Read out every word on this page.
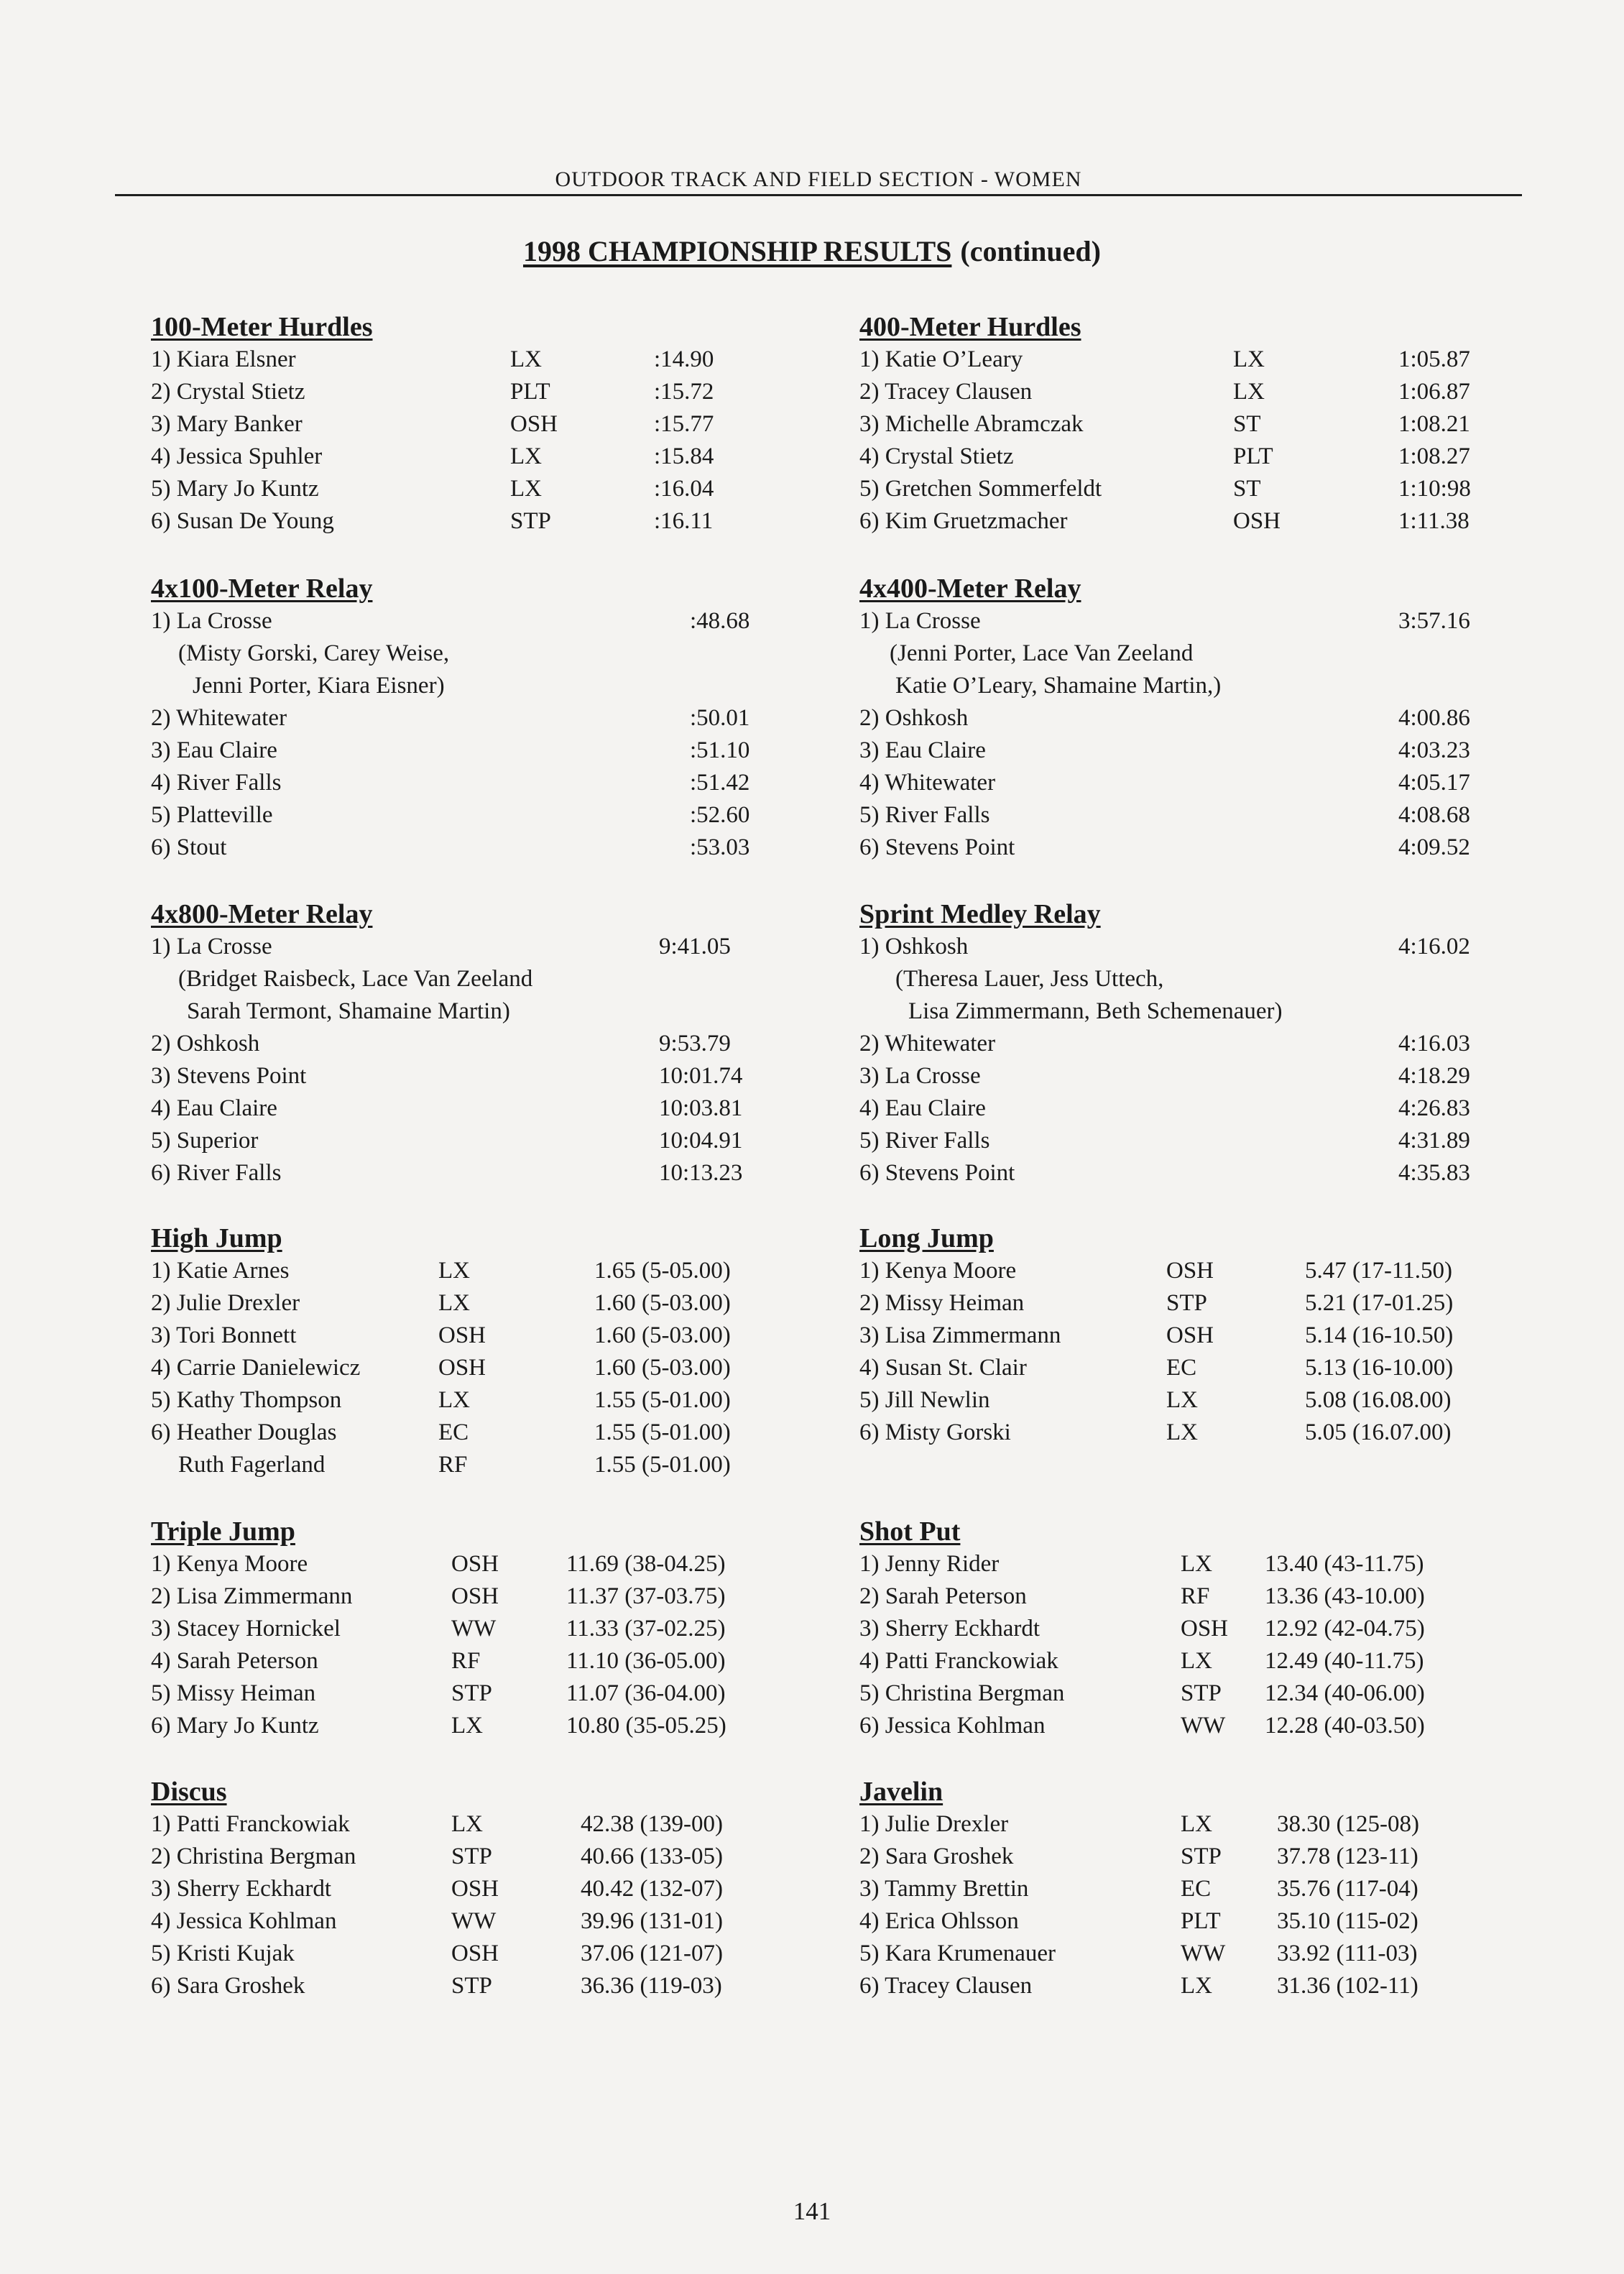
OUTDOOR TRACK AND FIELD SECTION - WOMEN
1998 CHAMPIONSHIP RESULTS (continued)
100-Meter Hurdles
1) Kiara Elsner	LX	:14.90
2) Crystal Stietz	PLT	:15.72
3) Mary Banker	OSH	:15.77
4) Jessica Spuhler	LX	:15.84
5) Mary Jo Kuntz	LX	:16.04
6) Susan De Young	STP	:16.11
400-Meter Hurdles
1) Katie O’Leary	LX	1:05.87
2) Tracey Clausen	LX	1:06.87
3) Michelle Abramczak	ST	1:08.21
4) Crystal Stietz	PLT	1:08.27
5) Gretchen Sommerfeldt	ST	1:10:98
6) Kim Gruetzmacher	OSH	1:11.38
4x100-Meter Relay
1) La Crosse	:48.68
(Misty Gorski, Carey Weise,
Jenni Porter, Kiara Eisner)
2) Whitewater	:50.01
3) Eau Claire	:51.10
4) River Falls	:51.42
5) Platteville	:52.60
6) Stout	:53.03
4x400-Meter Relay
1) La Crosse	3:57.16
(Jenni Porter, Lace Van Zeeland
Katie O’Leary, Shamaine Martin,)
2) Oshkosh	4:00.86
3) Eau Claire	4:03.23
4) Whitewater	4:05.17
5) River Falls	4:08.68
6) Stevens Point	4:09.52
4x800-Meter Relay
1) La Crosse	9:41.05
(Bridget Raisbeck, Lace Van Zeeland
Sarah Termont, Shamaine Martin)
2) Oshkosh	9:53.79
3) Stevens Point	10:01.74
4) Eau Claire	10:03.81
5) Superior	10:04.91
6) River Falls	10:13.23
Sprint Medley Relay
1) Oshkosh	4:16.02
(Theresa Lauer, Jess Uttech,
Lisa Zimmermann, Beth Schemenauer)
2) Whitewater	4:16.03
3) La Crosse	4:18.29
4) Eau Claire	4:26.83
5) River Falls	4:31.89
6) Stevens Point	4:35.83
High Jump
1) Katie Arnes	LX	1.65 (5-05.00)
2) Julie Drexler	LX	1.60 (5-03.00)
3) Tori Bonnett	OSH	1.60 (5-03.00)
4) Carrie Danielewicz	OSH	1.60 (5-03.00)
5) Kathy Thompson	LX	1.55 (5-01.00)
6) Heather Douglas	EC	1.55 (5-01.00)
Ruth Fagerland	RF	1.55 (5-01.00)
Long Jump
1) Kenya Moore	OSH	5.47 (17-11.50)
2) Missy Heiman	STP	5.21 (17-01.25)
3) Lisa Zimmermann	OSH	5.14 (16-10.50)
4) Susan St. Clair	EC	5.13 (16-10.00)
5) Jill Newlin	LX	5.08 (16.08.00)
6) Misty Gorski	LX	5.05 (16.07.00)
Triple Jump
1) Kenya Moore	OSH	11.69 (38-04.25)
2) Lisa Zimmermann	OSH	11.37 (37-03.75)
3) Stacey Hornickel	WW	11.33 (37-02.25)
4) Sarah Peterson	RF	11.10 (36-05.00)
5) Missy Heiman	STP	11.07 (36-04.00)
6) Mary Jo Kuntz	LX	10.80 (35-05.25)
Shot Put
1) Jenny Rider	LX 13.40 (43-11.75)
2) Sarah Peterson	RF 13.36 (43-10.00)
3) Sherry Eckhardt	OSH 12.92 (42-04.75)
4) Patti Franckowiak	LX 12.49 (40-11.75)
5) Christina Bergman	STP 12.34 (40-06.00)
6) Jessica Kohlman	WW 12.28 (40-03.50)
Discus
1) Patti Franckowiak	LX	42.38 (139-00)
2) Christina Bergman	STP	40.66 (133-05)
3) Sherry Eckhardt	OSH	40.42 (132-07)
4) Jessica Kohlman	WW	39.96 (131-01)
5) Kristi Kujak	OSH	37.06 (121-07)
6) Sara Groshek	STP	36.36 (119-03)
Javelin
1) Julie Drexler	LX	38.30 (125-08)
2) Sara Groshek	STP 37.78 (123-11)
3) Tammy Brettin	EC	35.76 (117-04)
4) Erica Ohlsson	PLT 35.10 (115-02)
5) Kara Krumenauer	WW 33.92 (111-03)
6) Tracey Clausen	LX	31.36 (102-11)
141
